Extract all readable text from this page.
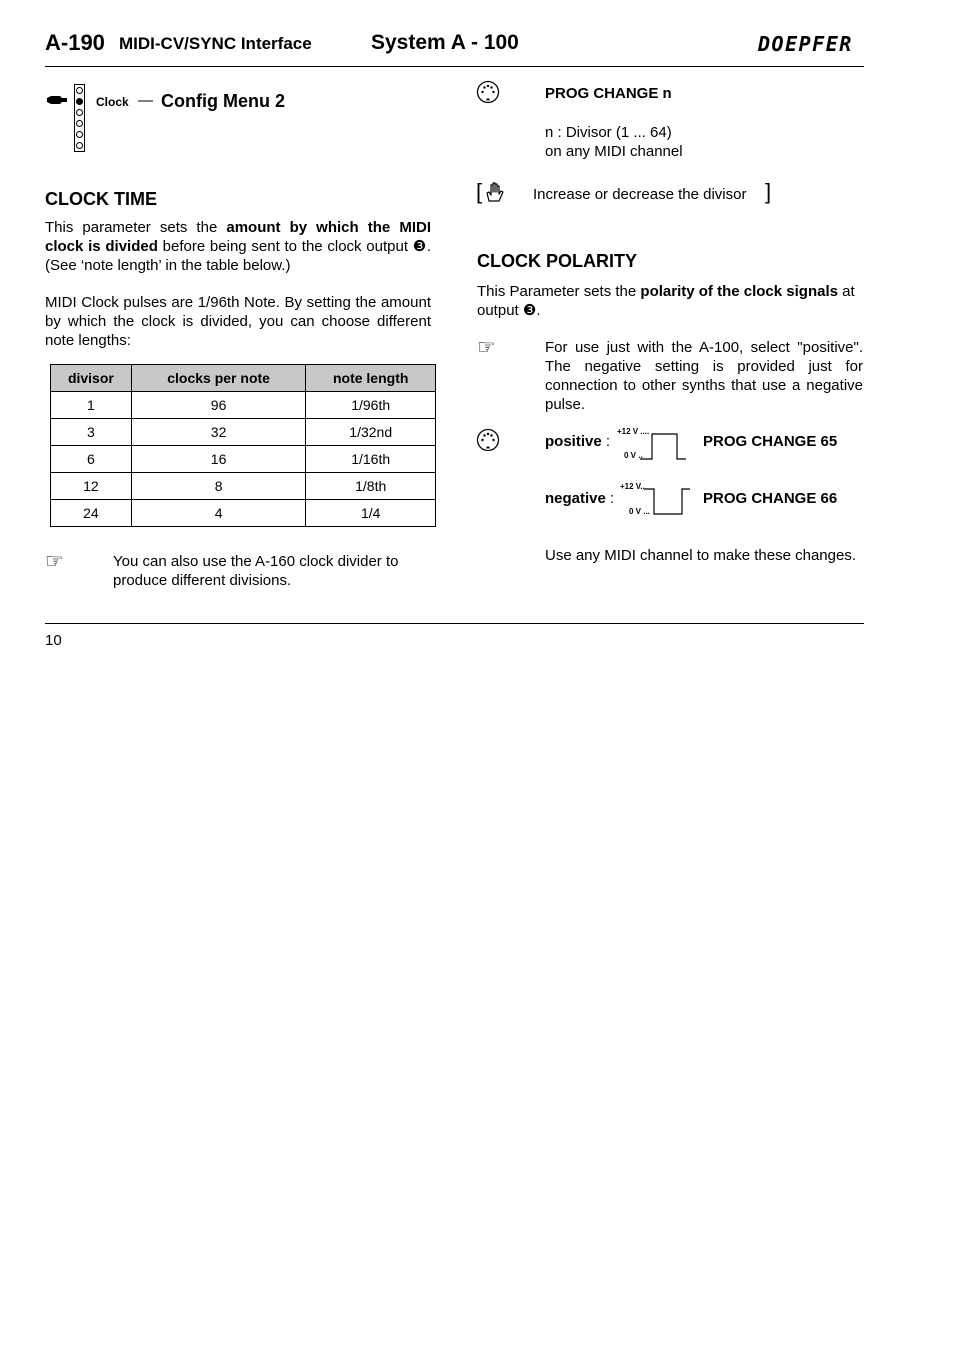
A-190 MIDI-CV/SYNC Interface	System A - 100	DOEPFER
Clock — Config Menu 2
CLOCK TIME
This parameter sets the amount by which the MIDI clock is divided before being sent to the clock output ❸. (See ‘note length’ in the table below.)
MIDI Clock pulses are 1/96th Note. By setting the amount by which the clock is divided, you can choose different note lengths:
divisor	clocks per note	note length
1	96	1/96th
3	32	1/32nd
6	16	1/16th
12	8	1/8th
24	4	1/4
☞	You can also use the A-160 clock divider to produce different divisions.
PROG CHANGE n
n : Divisor (1 ... 64)
on any MIDI channel
[	Increase or decrease the divisor ]
CLOCK POLARITY
This Parameter sets the polarity of the clock signals at output ❸.
☞	For use just with the A-100, select "positive". The negative setting is provided just for connection to other synths that use a negative pulse.
positive :
+12 V ....
0 V ..
PROG CHANGE 65
negative :
+12 V..
0 V ...
PROG CHANGE 66
Use any MIDI channel to make these changes.
10
